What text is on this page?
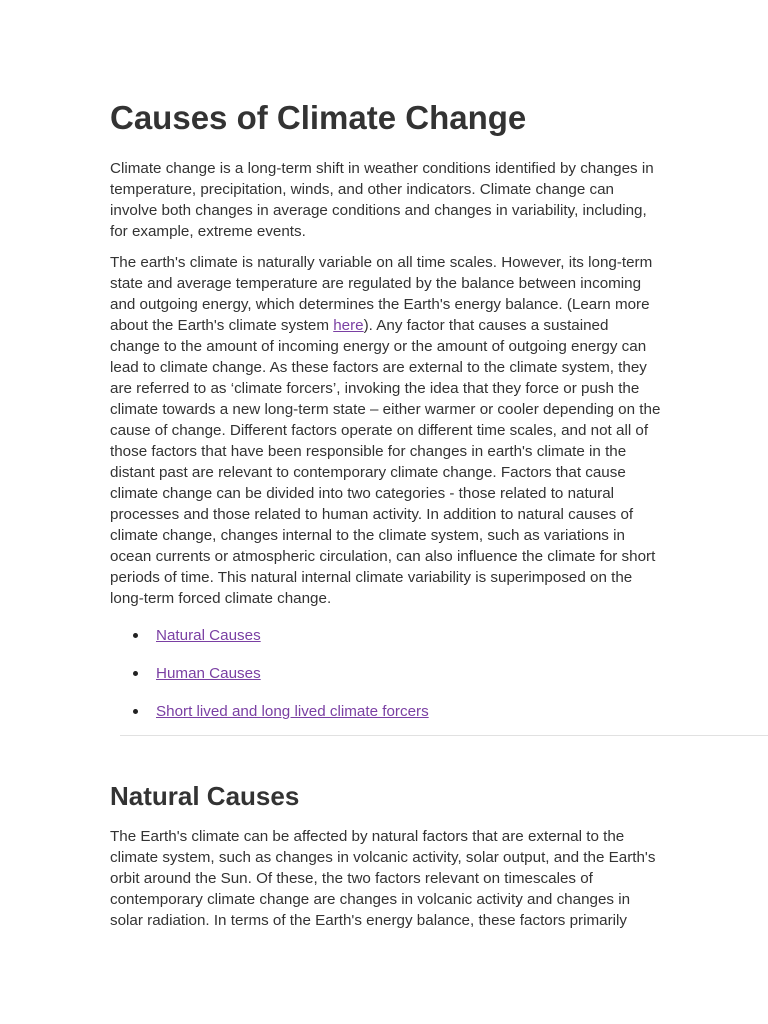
Causes of Climate Change

Climate change is a long-term shift in weather conditions identified by changes in temperature, precipitation, winds, and other indicators. Climate change can involve both changes in average conditions and changes in variability, including, for example, extreme events.

The earth's climate is naturally variable on all time scales. However, its long-term state and average temperature are regulated by the balance between incoming and outgoing energy, which determines the Earth's energy balance. (Learn more about the Earth's climate system here). Any factor that causes a sustained change to the amount of incoming energy or the amount of outgoing energy can lead to climate change. As these factors are external to the climate system, they are referred to as ‘climate forcers’, invoking the idea that they force or push the climate towards a new long-term state – either warmer or cooler depending on the cause of change. Different factors operate on different time scales, and not all of those factors that have been responsible for changes in earth's climate in the distant past are relevant to contemporary climate change. Factors that cause climate change can be divided into two categories - those related to natural processes and those related to human activity. In addition to natural causes of climate change, changes internal to the climate system, such as variations in ocean currents or atmospheric circulation, can also influence the climate for short periods of time. This natural internal climate variability is superimposed on the long-term forced climate change.

Natural Causes
Human Causes
Short lived and long lived climate forcers
Natural Causes

The Earth's climate can be affected by natural factors that are external to the climate system, such as changes in volcanic activity, solar output, and the Earth's orbit around the Sun. Of these, the two factors relevant on timescales of contemporary climate change are changes in volcanic activity and changes in solar radiation. In terms of the Earth's energy balance, these factors primarily
